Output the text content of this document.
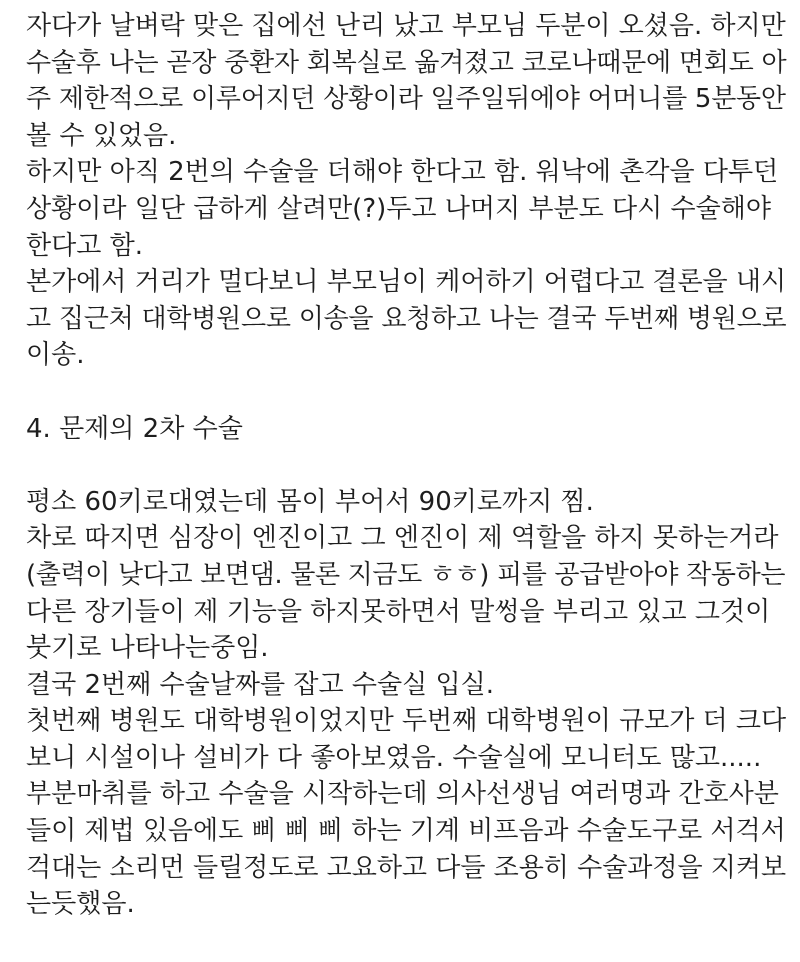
자다가 날벼락 맞은 집에선 난리 났고 부모님 두분이 오셨음. 하지만
수술후 나는 곧장 중환자 회복실로 옮겨졌고 코로나때문에 면회도 아
주 제한적으로 이루어지던 상황이라 일주일뒤에야 어머니를 5분동안
볼 수 있었음.
하지만 아직 2번의 수술을 더해야 한다고 함. 워낙에 촌각을 다투던
상황이라 일단 급하게 살려만(?)두고 나머지 부분도 다시 수술해야
한다고 함.
본가에서 거리가 멀다보니 부모님이 케어하기 어렵다고 결론을 내시
고 집근처 대학병원으로 이송을 요청하고 나는 결국 두번째 병원으로
이송.
4. 문제의 2차 수술
평소 60키로대였는데 몸이 부어서 90키로까지 찜.
차로 따지면 심장이 엔진이고 그 엔진이 제 역할을 하지 못하는거라
(출력이 낮다고 보면댐. 물론 지금도 ㅎㅎ) 피를 공급받아야 작동하는
다른 장기들이 제 기능을 하지못하면서 말썽을 부리고 있고 그것이
붓기로 나타나는중임.
결국 2번째 수술날짜를 잡고 수술실 입실.
첫번째 병원도 대학병원이었지만 두번째 대학병원이 규모가 더 크다
보니 시설이나 설비가 다 좋아보였음. 수술실에 모니터도 많고.....
부분마취를 하고 수술을 시작하는데 의사선생님 여러명과 간호사분
들이 제법 있음에도 삐 삐 삐 하는 기계 비프음과 수술도구로 서걱서
걱대는 소리먼 들릴정도로 고요하고 다들 조용히 수술과정을 지켜보
는듯했음.
